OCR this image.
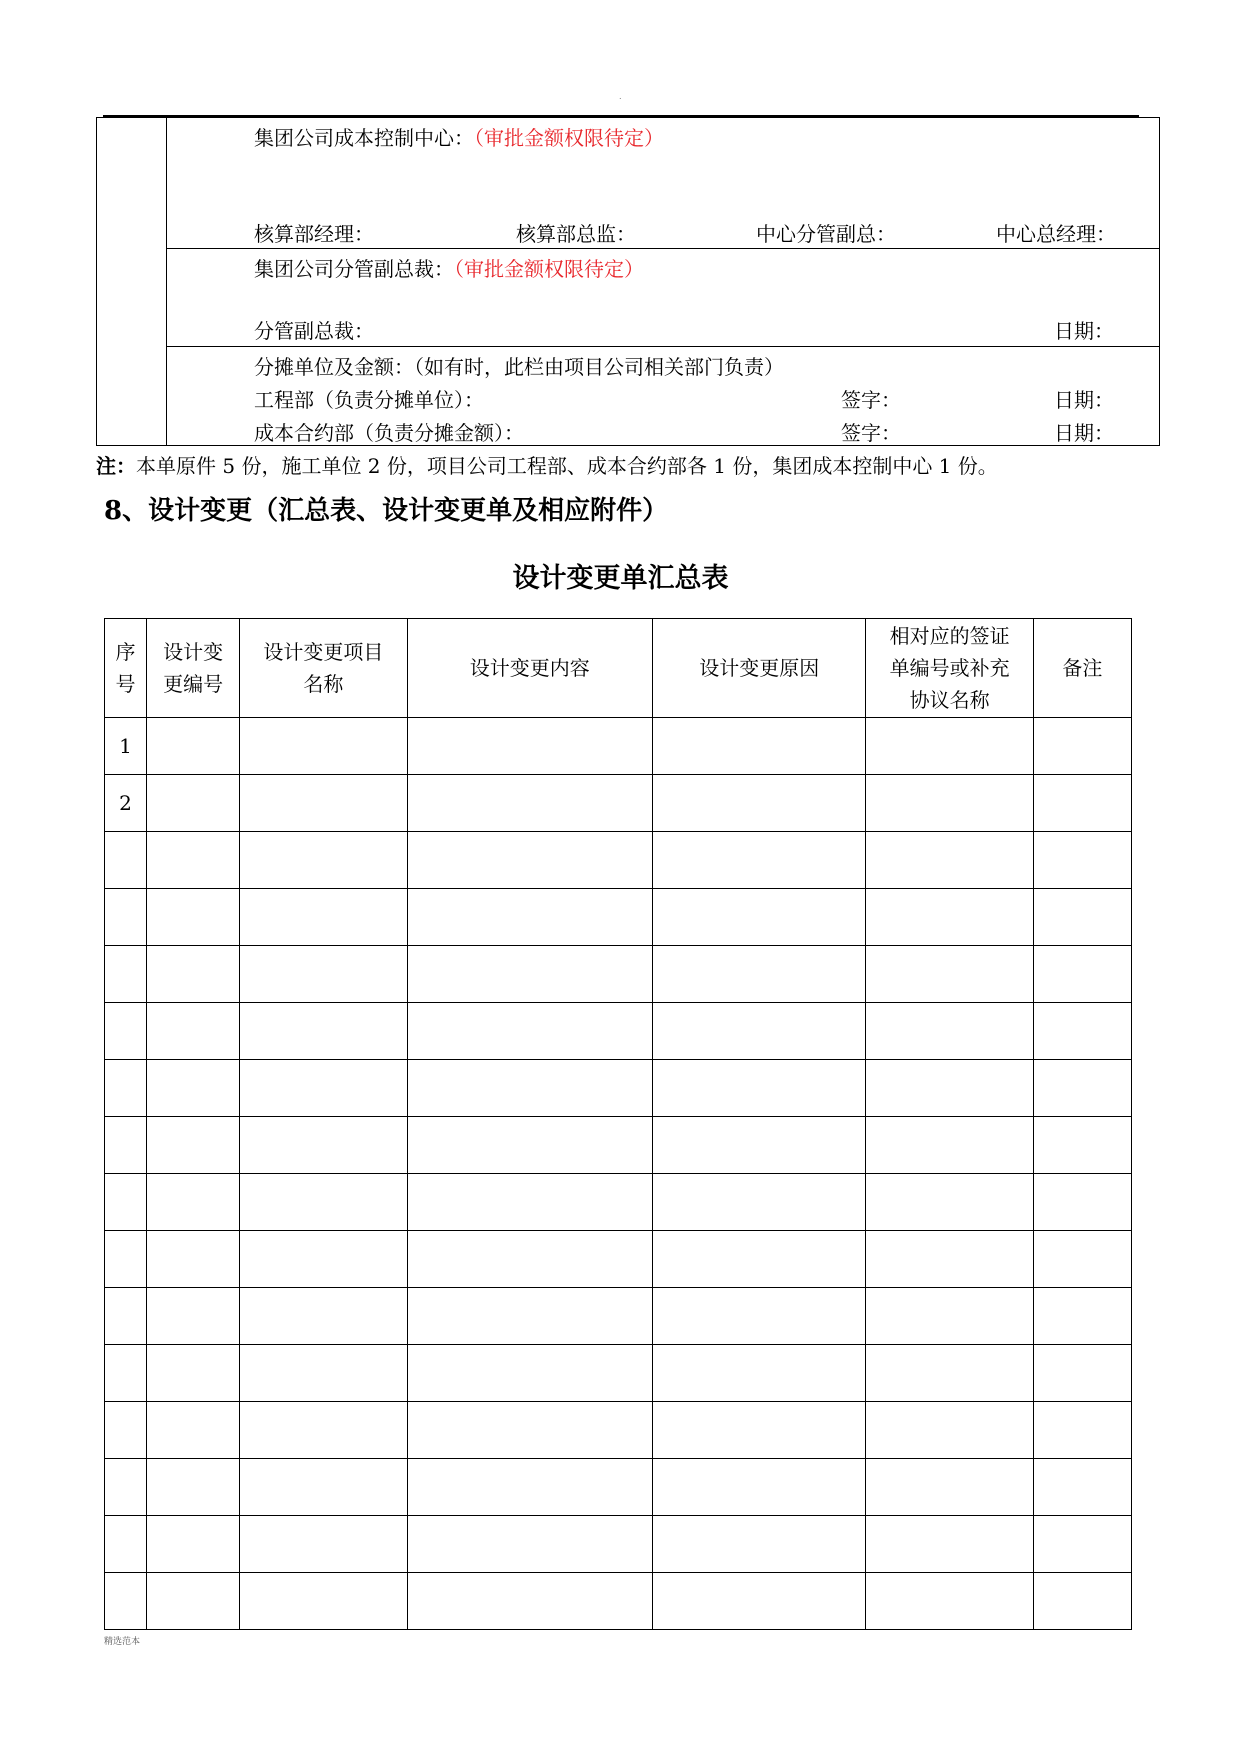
.

集团公司成本控制中心：（审批金额权限待定）
核算部经理：	核算部总监：	中心分管副总：	中心总经理：

集团公司分管副总裁：（审批金额权限待定）
分管副总裁：	日期：

分摊单位及金额：（如有时，此栏由项目公司相关部门负责）
工程部（负责分摊单位）：	签字：	日期：
成本合约部（负责分摊金额）：	签字：	日期：
注：本单原件 5 份，施工单位 2 份，项目公司工程部、成本合约部各 1 份，集团成本控制中心 1 份。
8、设计变更（汇总表、设计变更单及相应附件）
设计变更单汇总表
序号	设计变更编号	设计变更项目名称	设计变更内容	设计变更原因	相对应的签证单编号或补充协议名称	备注
1						
2						

精选范本
